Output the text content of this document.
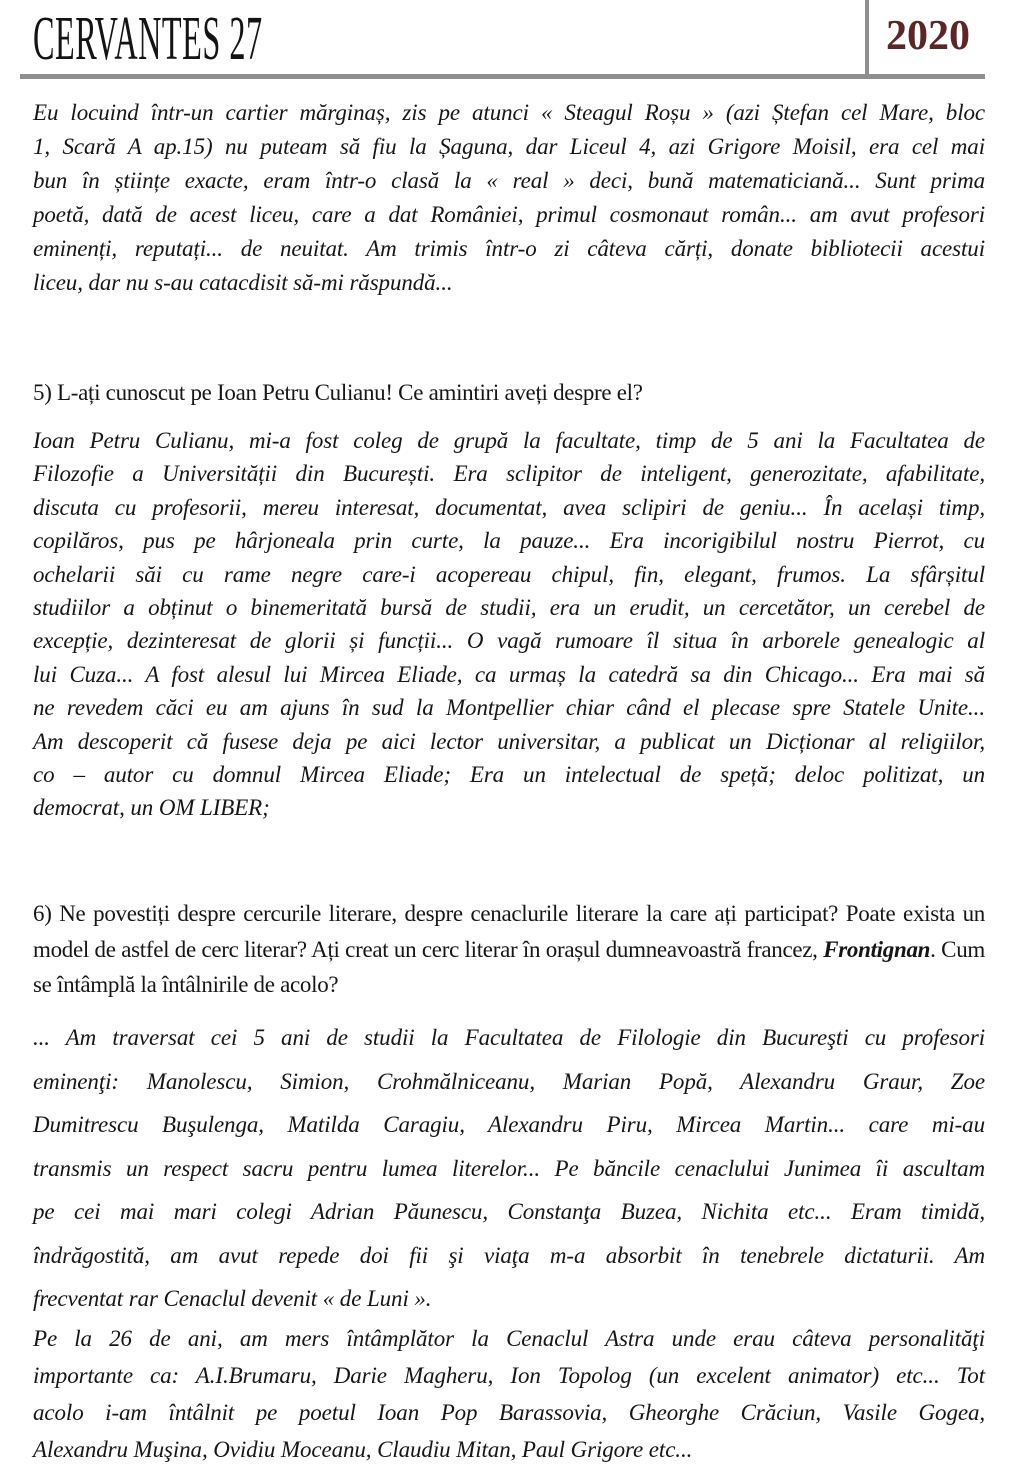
CERVANTES 27	2020
Eu locuind într-un cartier mărginaș, zis pe atunci « Steagul Roșu » (azi Ștefan cel Mare, bloc
1, Scară A ap.15) nu puteam să fiu la Șaguna, dar Liceul 4, azi Grigore Moisil, era cel mai
bun în științe exacte, eram într-o clasă la « real » deci, bună matematiciană... Sunt prima
poetă, dată de acest liceu, care a dat României, primul cosmonaut român... am avut profesori
eminenți, reputați... de neuitat. Am trimis într-o zi câteva cărți, donate bibliotecii acestui
liceu, dar nu s-au catacdisit să-mi răspundă...
5) L-ați cunoscut pe Ioan Petru Culianu! Ce amintiri aveți despre el?
Ioan Petru Culianu, mi-a fost coleg de grupă la facultate, timp de 5 ani la Facultatea de
Filozofie a Universității din București. Era sclipitor de inteligent, generozitate, afabilitate,
discuta cu profesorii, mereu interesat, documentat, avea sclipiri de geniu... În același timp,
copilăros, pus pe hârjoneala prin curte, la pauze... Era incorigibilul nostru Pierrot, cu
ochelarii săi cu rame negre care-i acopereau chipul, fin, elegant, frumos. La sfârșitul
studiilor a obținut o binemeritată bursă de studii, era un erudit, un cercetător, un cerebel de
excepție, dezinteresat de glorii și funcții... O vagă rumoare îl situa în arborele genealogic al
lui Cuza... A fost alesul lui Mircea Eliade, ca urmaș la catedră sa din Chicago... Era mai să
ne revedem căci eu am ajuns în sud la Montpellier chiar când el plecase spre Statele Unite...
Am descoperit că fusese deja pe aici lector universitar, a publicat un Dicționar al religiilor,
co – autor cu domnul Mircea Eliade; Era un intelectual de speță; deloc politizat, un
democrat, un OM LIBER;
6) Ne povestiți despre cercurile literare, despre cenaclurile literare la care ați participat? Poate exista un model de astfel de cerc literar? Ați creat un cerc literar în orașul dumneavoastră francez, Frontignan. Cum se întâmplă la întâlnirile de acolo?
... Am traversat cei 5 ani de studii la Facultatea de Filologie din Bucureşti cu profesori
eminenţi: Manolescu, Simion, Crohmălniceanu, Marian Popă, Alexandru Graur, Zoe
Dumitrescu Buşulenga, Matilda Caragiu, Alexandru Piru, Mircea Martin... care mi-au
transmis un respect sacru pentru lumea literelor... Pe băncile cenaclului Junimea îi ascultam
pe cei mai mari colegi Adrian Păunescu, Constanţa Buzea, Nichita etc... Eram timidă,
îndrăgostită, am avut repede doi fii şi viaţa m-a absorbit în tenebrele dictaturii. Am
frecventat rar Cenaclul devenit « de Luni ».
Pe la 26 de ani, am mers întâmplător la Cenaclul Astra unde erau câteva personalităţi
importante ca: A.I.Brumaru, Darie Magheru, Ion Topolog (un excelent animator) etc... Tot
acolo i-am întâlnit pe poetul Ioan Pop Barassovia, Gheorghe Crăciun, Vasile Gogea,
Alexandru Muşina, Ovidiu Moceanu, Claudiu Mitan, Paul Grigore etc...
